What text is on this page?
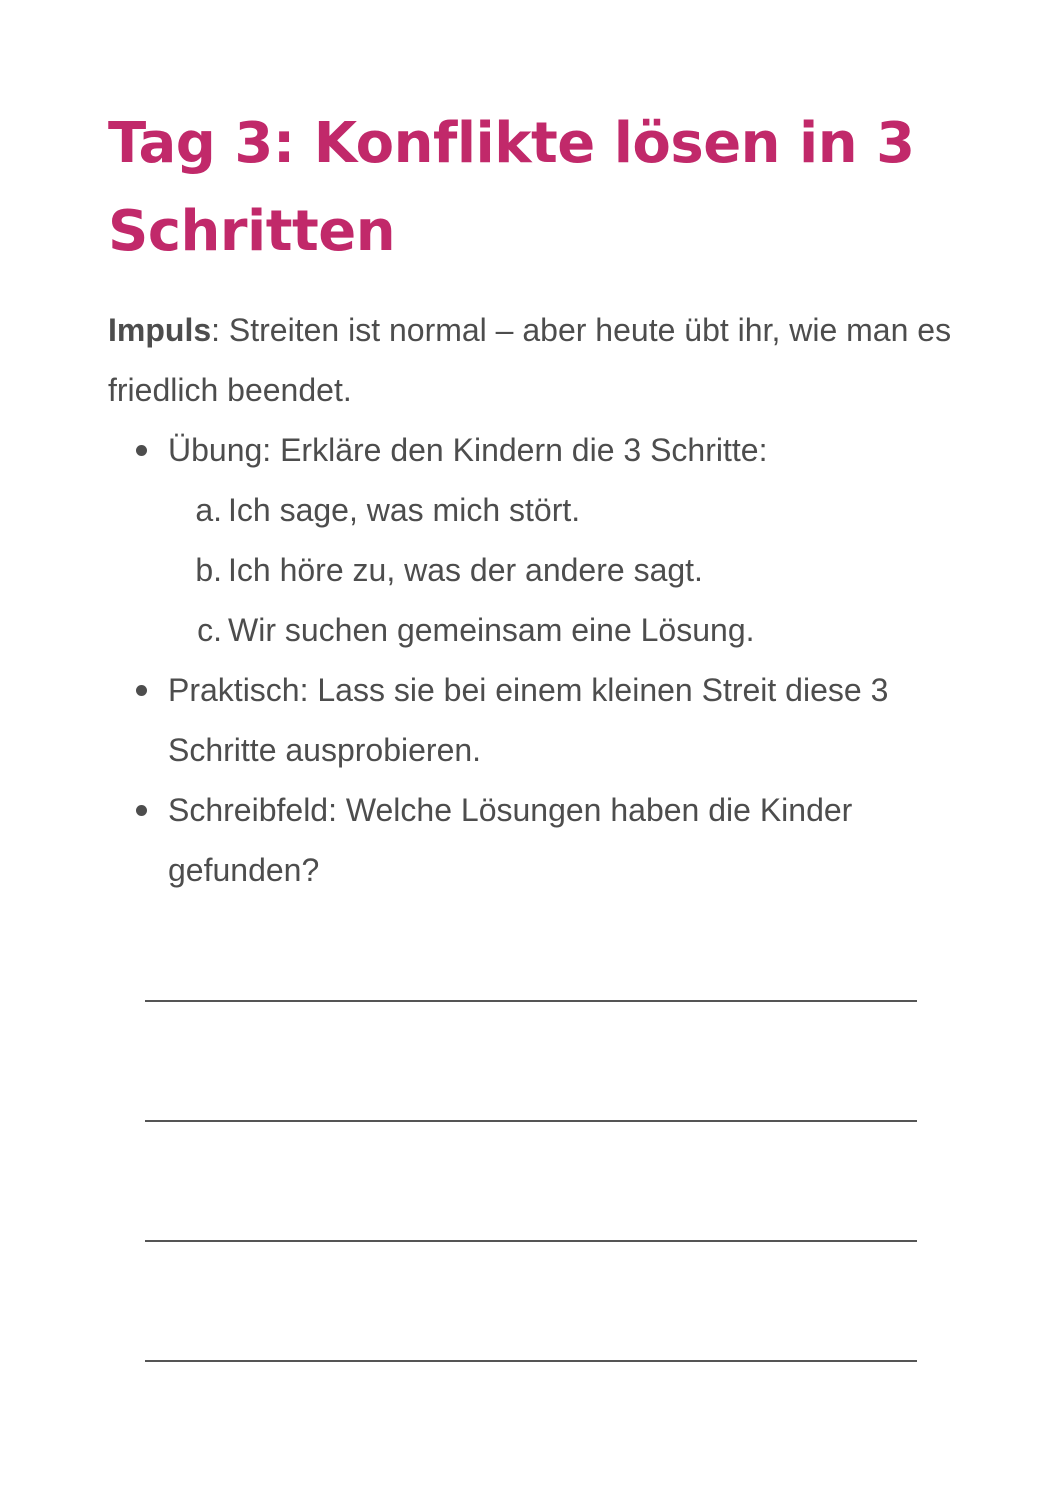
Tag 3: Konflikte lösen in 3 Schritten

Impuls: Streiten ist normal – aber heute übt ihr, wie man es friedlich beendet.

Übung: Erkläre den Kindern die 3 Schritte:
a. Ich sage, was mich stört.
b. Ich höre zu, was der andere sagt.
c. Wir suchen gemeinsam eine Lösung.
Praktisch: Lass sie bei einem kleinen Streit diese 3 Schritte ausprobieren.
Schreibfeld: Welche Lösungen haben die Kinder gefunden?
